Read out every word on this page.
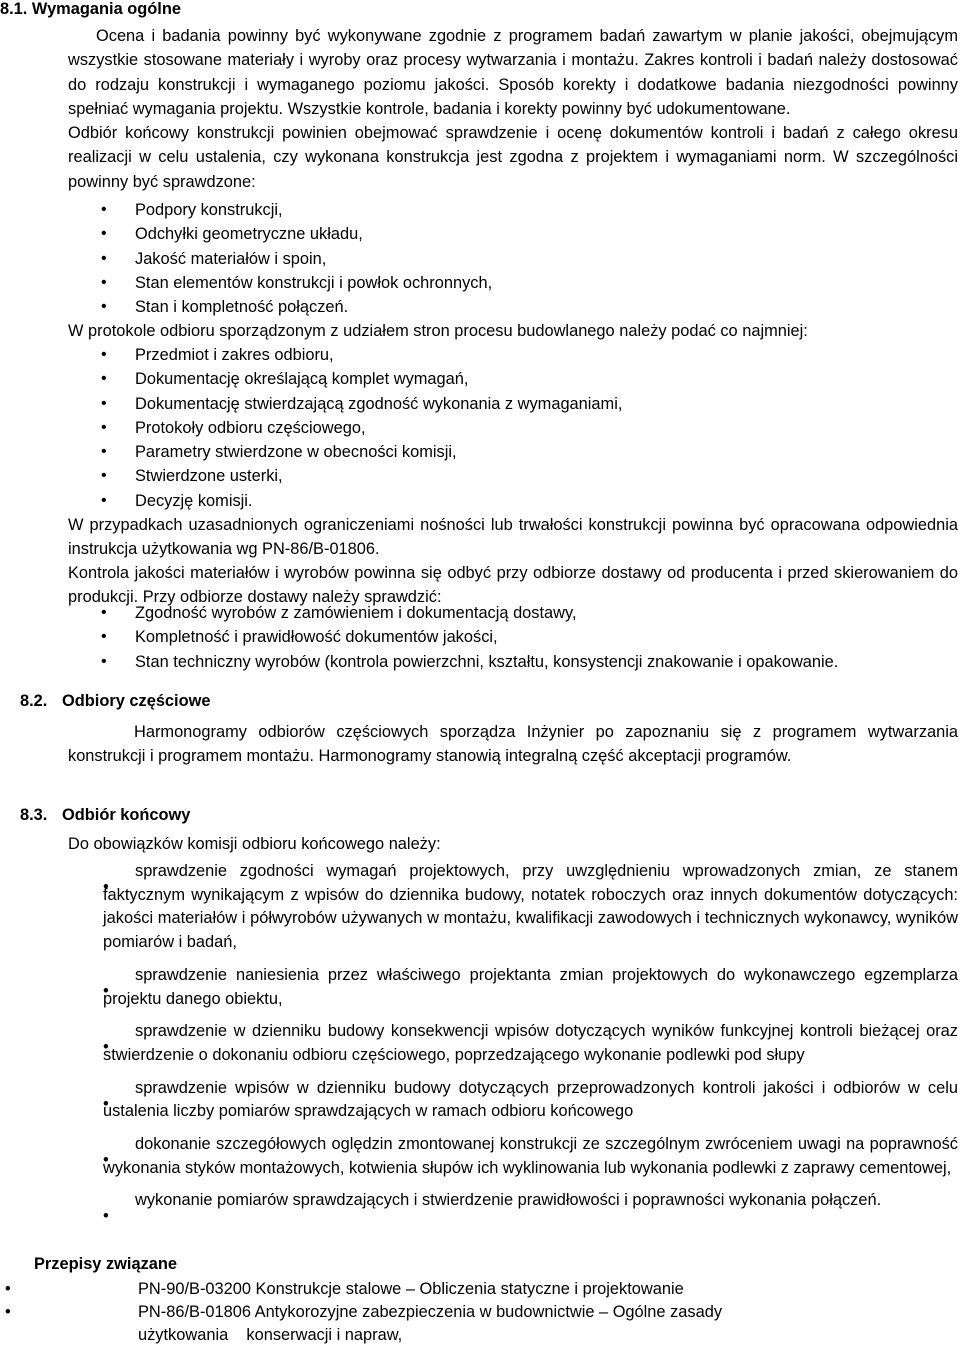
8.1. Wymagania ogólne

Ocena i badania powinny być wykonywane zgodnie z programem badań zawartym w planie jakości, obejmującym wszystkie stosowane materiały i wyroby oraz procesy wytwarzania i montażu. Zakres kontroli i badań należy dostosować do rodzaju konstrukcji i wymaganego poziomu jakości. Sposób korekty i dodatkowe badania niezgodności powinny spełniać wymagania projektu. Wszystkie kontrole, badania i korekty powinny być udokumentowane.

Odbiór końcowy konstrukcji powinien obejmować sprawdzenie i ocenę dokumentów kontroli i badań z całego okresu realizacji w celu ustalenia, czy wykonana konstrukcja jest zgodna z projektem i wymaganiami norm. W szczególności powinny być sprawdzone:

• Podpory konstrukcji,
• Odchyłki geometryczne układu,
• Jakość materiałów i spoin,
• Stan elementów konstrukcji i powłok ochronnych,
• Stan i kompletność połączeń.

W protokole odbioru sporządzonym z udziałem stron procesu budowlanego należy podać co najmniej:

• Przedmiot i zakres odbioru,
• Dokumentację określającą komplet wymagań,
• Dokumentację stwierdzającą zgodność wykonania z wymaganiami,
• Protokoły odbioru częściowego,
• Parametry stwierdzone w obecności komisji,
• Stwierdzone usterki,
• Decyzję komisji.

W przypadkach uzasadnionych ograniczeniami nośności lub trwałości konstrukcji powinna być opracowana odpowiednia instrukcja użytkowania wg PN-86/B-01806.

Kontrola jakości materiałów i wyrobów powinna się odbyć przy odbiorze dostawy od producenta i przed skierowaniem do produkcji. Przy odbiorze dostawy należy sprawdzić:

• Zgodność wyrobów z zamówieniem i dokumentacją dostawy,
• Kompletność i prawidłowość dokumentów jakości,
• Stan techniczny wyrobów (kontrola powierzchni, kształtu, konsystencji znakowanie i opakowanie.
8.2. Odbiory częściowe

Harmonogramy odbiorów częściowych sporządza Inżynier po zapoznaniu się z programem wytwarzania konstrukcji i programem montażu. Harmonogramy stanowią integralną część akceptacji programów.

8.3. Odbiór końcowy

Do obowiązków komisji odbioru końcowego należy:

sprawdzenie zgodności wymagań projektowych, przy uwzględnieniu wprowadzonych zmian, ze stanem faktycznym wynikającym z wpisów do dziennika budowy, notatek roboczych oraz innych dokumentów dotyczących: jakości materiałów i półwyrobów używanych w montażu, kwalifikacji zawodowych i technicznych wykonawcy, wyników pomiarów i badań,
sprawdzenie naniesienia przez właściwego projektanta zmian projektowych do wykonawczego egzemplarza projektu danego obiektu,
sprawdzenie w dzienniku budowy konsekwencji wpisów dotyczących wyników funkcyjnej kontroli bieżącej oraz stwierdzenie o dokonaniu odbioru częściowego, poprzedzającego wykonanie podlewki pod słupy
sprawdzenie wpisów w dzienniku budowy dotyczących przeprowadzonych kontroli jakości i odbiorów w celu ustalenia liczby pomiarów sprawdzających w ramach odbioru końcowego
dokonanie szczegółowych oględzin zmontowanej konstrukcji ze szczególnym zwróceniem uwagi na poprawność wykonania styków montażowych, kotwienia słupów ich wyklinowania lub wykonania podlewki z zaprawy cementowej,
wykonanie pomiarów sprawdzających i stwierdzenie prawidłowości i poprawności wykonania połączeń.
Przepisy związane
•	PN-90/B-03200 Konstrukcje stalowe – Obliczenia statyczne i projektowanie
•	PN-86/B-01806 Antykorozyjne zabezpieczenia w budownictwie – Ogólne zasady
użytkowania    konserwacji i napraw,
